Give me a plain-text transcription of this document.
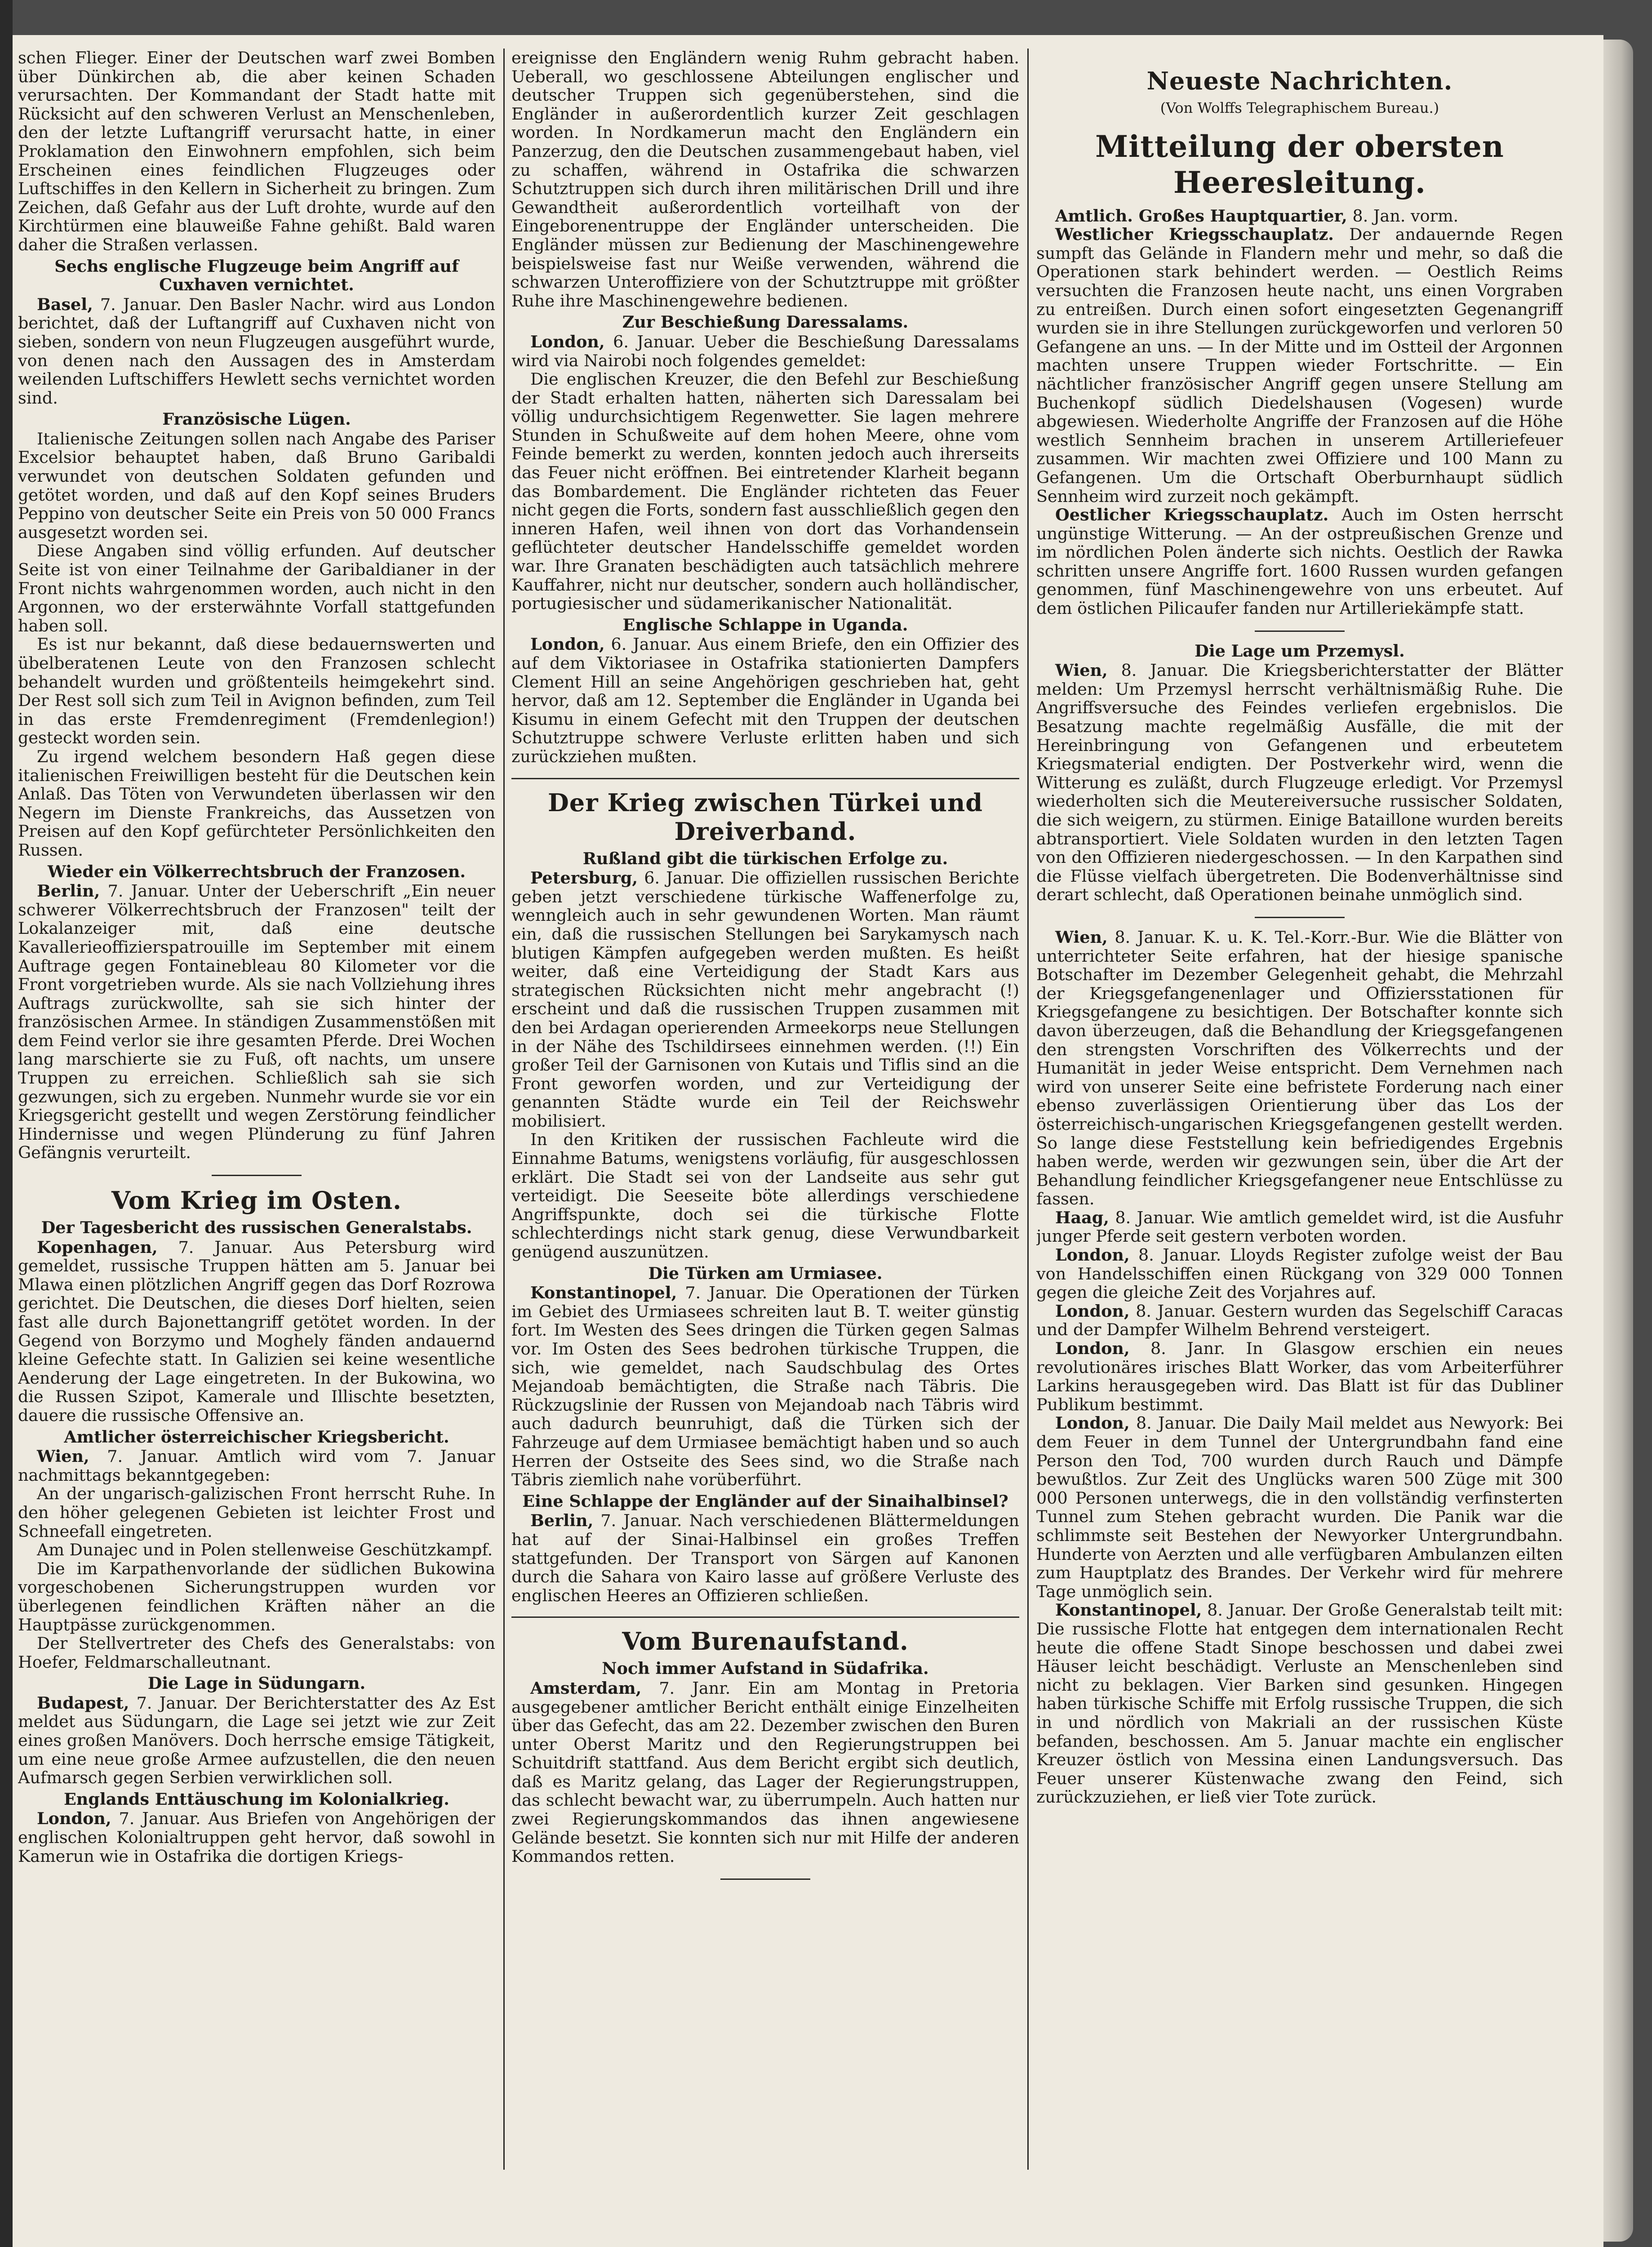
schen Flieger. Einer der Deutschen warf zwei Bomben über Dünkirchen ab, die aber keinen Schaden verursachten. Der Kommandant der Stadt hatte mit Rücksicht auf den schweren Verlust an Menschenleben, den der letzte Luftangriff verursacht hatte, in einer Proklamation den Einwohnern empfohlen, sich beim Erscheinen eines feindlichen Flugzeuges oder Luftschiffes in den Kellern in Sicherheit zu bringen. Zum Zeichen, daß Gefahr aus der Luft drohte, wurde auf den Kirchtürmen eine blauweiße Fahne gehißt. Bald waren daher die Straßen verlassen.

Sechs englische Flugzeuge beim Angriff auf Cuxhaven vernichtet.

Basel, 7. Januar. Den Basler Nachr. wird aus London berichtet, daß der Luftangriff auf Cuxhaven nicht von sieben, sondern von neun Flugzeugen ausgeführt wurde, von denen nach den Aussagen des in Amsterdam weilenden Luftschiffers Hewlett sechs vernichtet worden sind.

Französische Lügen.

Italienische Zeitungen sollen nach Angabe des Pariser Excelsior behauptet haben, daß Bruno Garibaldi verwundet von deutschen Soldaten gefunden und getötet worden, und daß auf den Kopf seines Bruders Peppino von deutscher Seite ein Preis von 50 000 Francs ausgesetzt worden sei.

Diese Angaben sind völlig erfunden. Auf deutscher Seite ist von einer Teilnahme der Garibaldianer in der Front nichts wahrgenommen worden, auch nicht in den Argonnen, wo der ersterwähnte Vorfall stattgefunden haben soll.

Es ist nur bekannt, daß diese bedauernswerten und übelberatenen Leute von den Franzosen schlecht behandelt wurden und größtenteils heimgekehrt sind. Der Rest soll sich zum Teil in Avignon befinden, zum Teil in das erste Fremdenregiment (Fremdenlegion!) gesteckt worden sein.

Zu irgend welchem besondern Haß gegen diese italienischen Freiwilligen besteht für die Deutschen kein Anlaß. Das Töten von Verwundeten überlassen wir den Negern im Dienste Frankreichs, das Aussetzen von Preisen auf den Kopf gefürchteter Persönlichkeiten den Russen.

Wieder ein Völkerrechtsbruch der Franzosen.

Berlin, 7. Januar. Unter der Ueberschrift „Ein neuer schwerer Völkerrechtsbruch der Franzosen" teilt der Lokalanzeiger mit, daß eine deutsche Kavallerieoffizierspatrouille im September mit einem Auftrage gegen Fontainebleau 80 Kilometer vor die Front vorgetrieben wurde. Als sie nach Vollziehung ihres Auftrags zurückwollte, sah sie sich hinter der französischen Armee. In ständigen Zusammenstößen mit dem Feind verlor sie ihre gesamten Pferde. Drei Wochen lang marschierte sie zu Fuß, oft nachts, um unsere Truppen zu erreichen. Schließlich sah sie sich gezwungen, sich zu ergeben. Nunmehr wurde sie vor ein Kriegsgericht gestellt und wegen Zerstörung feindlicher Hindernisse und wegen Plünderung zu fünf Jahren Gefängnis verurteilt.

Vom Krieg im Osten.
Der Tagesbericht des russischen Generalstabs.

Kopenhagen, 7. Januar. Aus Petersburg wird gemeldet, russische Truppen hätten am 5. Januar bei Mlawa einen plötzlichen Angriff gegen das Dorf Rozrowa gerichtet. Die Deutschen, die dieses Dorf hielten, seien fast alle durch Bajonettangriff getötet worden. In der Gegend von Borzymo und Moghely fänden andauernd kleine Gefechte statt. In Galizien sei keine wesentliche Aenderung der Lage eingetreten. In der Bukowina, wo die Russen Szipot, Kamerale und Illischte besetzten, dauere die russische Offensive an.

Amtlicher österreichischer Kriegsbericht.

Wien, 7. Januar. Amtlich wird vom 7. Januar nachmittags bekanntgegeben:

An der ungarisch-galizischen Front herrscht Ruhe. In den höher gelegenen Gebieten ist leichter Frost und Schneefall eingetreten.

Am Dunajec und in Polen stellenweise Geschützkampf.

Die im Karpathenvorlande der südlichen Bukowina vorgeschobenen Sicherungstruppen wurden vor überlegenen feindlichen Kräften näher an die Hauptpässe zurückgenommen.

Der Stellvertreter des Chefs des Generalstabs: von Hoefer, Feldmarschalleutnant.

Die Lage in Südungarn.

Budapest, 7. Januar. Der Berichterstatter des Az Est meldet aus Südungarn, die Lage sei jetzt wie zur Zeit eines großen Manövers. Doch herrsche emsige Tätigkeit, um eine neue große Armee aufzustellen, die den neuen Aufmarsch gegen Serbien verwirklichen soll.

Englands Enttäuschung im Kolonialkrieg.

London, 7. Januar. Aus Briefen von Angehörigen der englischen Kolonialtruppen geht hervor, daß sowohl in Kamerun wie in Ostafrika die dortigen Kriegs-

ereignisse den Engländern wenig Ruhm gebracht haben. Ueberall, wo geschlossene Abteilungen englischer und deutscher Truppen sich gegenüberstehen, sind die Engländer in außerordentlich kurzer Zeit geschlagen worden. In Nordkamerun macht den Engländern ein Panzerzug, den die Deutschen zusammengebaut haben, viel zu schaffen, während in Ostafrika die schwarzen Schutztruppen sich durch ihren militärischen Drill und ihre Gewandtheit außerordentlich vorteilhaft von der Eingeborenentruppe der Engländer unterscheiden. Die Engländer müssen zur Bedienung der Maschinengewehre beispielsweise fast nur Weiße verwenden, während die schwarzen Unteroffiziere von der Schutztruppe mit größter Ruhe ihre Maschinengewehre bedienen.

Zur Beschießung Daressalams.

London, 6. Januar. Ueber die Beschießung Daressalams wird via Nairobi noch folgendes gemeldet:

Die englischen Kreuzer, die den Befehl zur Beschießung der Stadt erhalten hatten, näherten sich Daressalam bei völlig undurchsichtigem Regenwetter. Sie lagen mehrere Stunden in Schußweite auf dem hohen Meere, ohne vom Feinde bemerkt zu werden, konnten jedoch auch ihrerseits das Feuer nicht eröffnen. Bei eintretender Klarheit begann das Bombardement. Die Engländer richteten das Feuer nicht gegen die Forts, sondern fast ausschließlich gegen den inneren Hafen, weil ihnen von dort das Vorhandensein geflüchteter deutscher Handelsschiffe gemeldet worden war. Ihre Granaten beschädigten auch tatsächlich mehrere Kauffahrer, nicht nur deutscher, sondern auch holländischer, portugiesischer und südamerikanischer Nationalität.

Englische Schlappe in Uganda.

London, 6. Januar. Aus einem Briefe, den ein Offizier des auf dem Viktoriasee in Ostafrika stationierten Dampfers Clement Hill an seine Angehörigen geschrieben hat, geht hervor, daß am 12. September die Engländer in Uganda bei Kisumu in einem Gefecht mit den Truppen der deutschen Schutztruppe schwere Verluste erlitten haben und sich zurückziehen mußten.

Der Krieg zwischen Türkei und Dreiverband.
Rußland gibt die türkischen Erfolge zu.

Petersburg, 6. Januar. Die offiziellen russischen Berichte geben jetzt verschiedene türkische Waffenerfolge zu, wenngleich auch in sehr gewundenen Worten. Man räumt ein, daß die russischen Stellungen bei Sarykamysch nach blutigen Kämpfen aufgegeben werden mußten. Es heißt weiter, daß eine Verteidigung der Stadt Kars aus strategischen Rücksichten nicht mehr angebracht (!) erscheint und daß die russischen Truppen zusammen mit den bei Ardagan operierenden Armeekorps neue Stellungen in der Nähe des Tschildirsees einnehmen werden. (!!) Ein großer Teil der Garnisonen von Kutais und Tiflis sind an die Front geworfen worden, und zur Verteidigung der genannten Städte wurde ein Teil der Reichswehr mobilisiert.

In den Kritiken der russischen Fachleute wird die Einnahme Batums, wenigstens vorläufig, für ausgeschlossen erklärt. Die Stadt sei von der Landseite aus sehr gut verteidigt. Die Seeseite böte allerdings verschiedene Angriffspunkte, doch sei die türkische Flotte schlechterdings nicht stark genug, diese Verwundbarkeit genügend auszunützen.

Die Türken am Urmiasee.

Konstantinopel, 7. Januar. Die Operationen der Türken im Gebiet des Urmiasees schreiten laut B. T. weiter günstig fort. Im Westen des Sees dringen die Türken gegen Salmas vor. Im Osten des Sees bedrohen türkische Truppen, die sich, wie gemeldet, nach Saudschbulag des Ortes Mejandoab bemächtigten, die Straße nach Täbris. Die Rückzugslinie der Russen von Mejandoab nach Täbris wird auch dadurch beunruhigt, daß die Türken sich der Fahrzeuge auf dem Urmiasee bemächtigt haben und so auch Herren der Ostseite des Sees sind, wo die Straße nach Täbris ziemlich nahe vorüberführt.

Eine Schlappe der Engländer auf der Sinaihalbinsel?

Berlin, 7. Januar. Nach verschiedenen Blättermeldungen hat auf der Sinai-Halbinsel ein großes Treffen stattgefunden. Der Transport von Särgen auf Kanonen durch die Sahara von Kairo lasse auf größere Verluste des englischen Heeres an Offizieren schließen.

Vom Burenaufstand.
Noch immer Aufstand in Südafrika.

Amsterdam, 7. Janr. Ein am Montag in Pretoria ausgegebener amtlicher Bericht enthält einige Einzelheiten über das Gefecht, das am 22. Dezember zwischen den Buren unter Oberst Maritz und den Regierungstruppen bei Schuitdrift stattfand. Aus dem Bericht ergibt sich deutlich, daß es Maritz gelang, das Lager der Regierungstruppen, das schlecht bewacht war, zu überrumpeln. Auch hatten nur zwei Regierungskommandos das ihnen angewiesene Gelände besetzt. Sie konnten sich nur mit Hilfe der anderen Kommandos retten.

Neueste Nachrichten.
(Von Wolffs Telegraphischem Bureau.)
Mitteilung der obersten Heeresleitung.

Amtlich. Großes Hauptquartier, 8. Jan. vorm.

Westlicher Kriegsschauplatz. Der andauernde Regen sumpft das Gelände in Flandern mehr und mehr, so daß die Operationen stark behindert werden. — Oestlich Reims versuchten die Franzosen heute nacht, uns einen Vorgraben zu entreißen. Durch einen sofort eingesetzten Gegenangriff wurden sie in ihre Stellungen zurückgeworfen und verloren 50 Gefangene an uns. — In der Mitte und im Ostteil der Argonnen machten unsere Truppen wieder Fortschritte. — Ein nächtlicher französischer Angriff gegen unsere Stellung am Buchenkopf südlich Diedelshausen (Vogesen) wurde abgewiesen. Wiederholte Angriffe der Franzosen auf die Höhe westlich Sennheim brachen in unserem Artilleriefeuer zusammen. Wir machten zwei Offiziere und 100 Mann zu Gefangenen. Um die Ortschaft Oberburnhaupt südlich Sennheim wird zurzeit noch gekämpft.

Oestlicher Kriegsschauplatz. Auch im Osten herrscht ungünstige Witterung. — An der ostpreußischen Grenze und im nördlichen Polen änderte sich nichts. Oestlich der Rawka schritten unsere Angriffe fort. 1600 Russen wurden gefangen genommen, fünf Maschinengewehre von uns erbeutet. Auf dem östlichen Pilicaufer fanden nur Artilleriekämpfe statt.

Die Lage um Przemysl.

Wien, 8. Januar. Die Kriegsberichterstatter der Blätter melden: Um Przemysl herrscht verhältnismäßig Ruhe. Die Angriffsversuche des Feindes verliefen ergebnislos. Die Besatzung machte regelmäßig Ausfälle, die mit der Hereinbringung von Gefangenen und erbeutetem Kriegsmaterial endigten. Der Postverkehr wird, wenn die Witterung es zuläßt, durch Flugzeuge erledigt. Vor Przemysl wiederholten sich die Meutereiversuche russischer Soldaten, die sich weigern, zu stürmen. Einige Bataillone wurden bereits abtransportiert. Viele Soldaten wurden in den letzten Tagen von den Offizieren niedergeschossen. — In den Karpathen sind die Flüsse vielfach übergetreten. Die Bodenverhältnisse sind derart schlecht, daß Operationen beinahe unmöglich sind.

Wien, 8. Januar. K. u. K. Tel.-Korr.-Bur. Wie die Blätter von unterrichteter Seite erfahren, hat der hiesige spanische Botschafter im Dezember Gelegenheit gehabt, die Mehrzahl der Kriegsgefangenenlager und Offiziersstationen für Kriegsgefangene zu besichtigen. Der Botschafter konnte sich davon überzeugen, daß die Behandlung der Kriegsgefangenen den strengsten Vorschriften des Völkerrechts und der Humanität in jeder Weise entspricht. Dem Vernehmen nach wird von unserer Seite eine befristete Forderung nach einer ebenso zuverlässigen Orientierung über das Los der österreichisch-ungarischen Kriegsgefangenen gestellt werden. So lange diese Feststellung kein befriedigendes Ergebnis haben werde, werden wir gezwungen sein, über die Art der Behandlung feindlicher Kriegsgefangener neue Entschlüsse zu fassen.

Haag, 8. Januar. Wie amtlich gemeldet wird, ist die Ausfuhr junger Pferde seit gestern verboten worden.

London, 8. Januar. Lloyds Register zufolge weist der Bau von Handelsschiffen einen Rückgang von 329 000 Tonnen gegen die gleiche Zeit des Vorjahres auf.

London, 8. Januar. Gestern wurden das Segelschiff Caracas und der Dampfer Wilhelm Behrend versteigert.

London, 8. Janr. In Glasgow erschien ein neues revolutionäres irisches Blatt Worker, das vom Arbeiterführer Larkins herausgegeben wird. Das Blatt ist für das Dubliner Publikum bestimmt.

London, 8. Januar. Die Daily Mail meldet aus Newyork: Bei dem Feuer in dem Tunnel der Untergrundbahn fand eine Person den Tod, 700 wurden durch Rauch und Dämpfe bewußtlos. Zur Zeit des Unglücks waren 500 Züge mit 300 000 Personen unterwegs, die in den vollständig verfinsterten Tunnel zum Stehen gebracht wurden. Die Panik war die schlimmste seit Bestehen der Newyorker Untergrundbahn. Hunderte von Aerzten und alle verfügbaren Ambulanzen eilten zum Hauptplatz des Brandes. Der Verkehr wird für mehrere Tage unmöglich sein.

Konstantinopel, 8. Januar. Der Große Generalstab teilt mit: Die russische Flotte hat entgegen dem internationalen Recht heute die offene Stadt Sinope beschossen und dabei zwei Häuser leicht beschädigt. Verluste an Menschenleben sind nicht zu beklagen. Vier Barken sind gesunken. Hingegen haben türkische Schiffe mit Erfolg russische Truppen, die sich in und nördlich von Makriali an der russischen Küste befanden, beschossen. Am 5. Januar machte ein englischer Kreuzer östlich von Messina einen Landungsversuch. Das Feuer unserer Küstenwache zwang den Feind, sich zurückzuziehen, er ließ vier Tote zurück.
